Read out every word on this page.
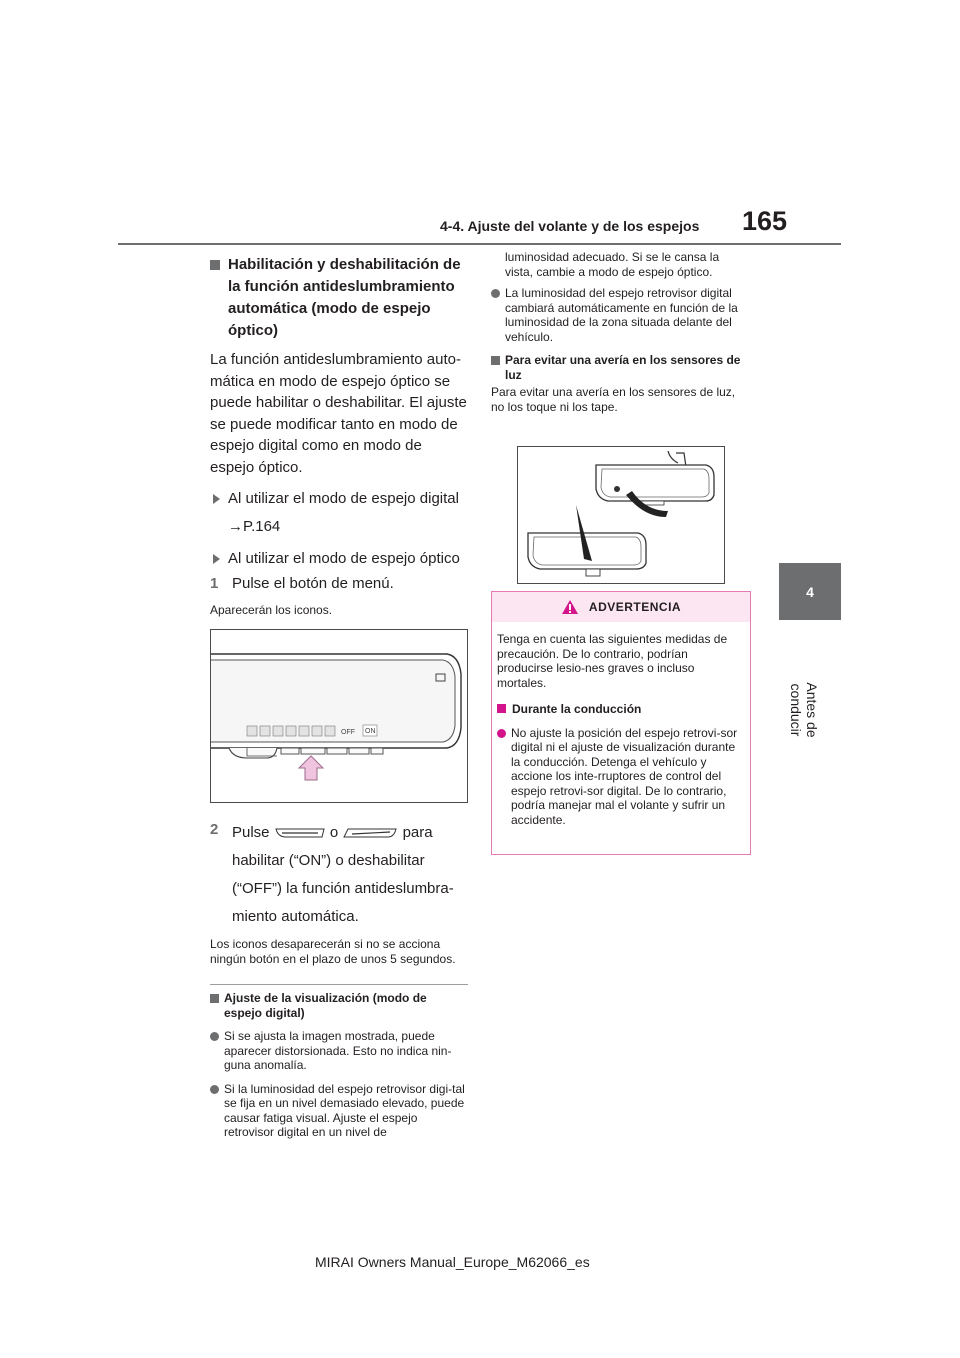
4-4. Ajuste del volante y de los espejos 165
4
Antes de conducir

Habilitación y deshabilitación de la función antideslumbramiento automática (modo de espejo óptico)

La función antideslumbramiento auto-mática en modo de espejo óptico se puede habilitar o deshabilitar. El ajuste se puede modificar tanto en modo de espejo digital como en modo de espejo óptico.

Al utilizar el modo de espejo digital
→P.164
Al utilizar el modo de espejo óptico
1 Pulse el botón de menú.

Aparecerán los iconos.

OFF ON
2 Pulse	o	para habilitar (“ON”) o deshabilitar (“OFF”) la función antideslumbra-miento automática.

Los iconos desaparecerán si no se acciona ningún botón en el plazo de unos 5 segundos.

Ajuste de la visualización (modo de espejo digital)

Si se ajusta la imagen mostrada, puede aparecer distorsionada. Esto no indica nin-guna anomalía.
Si la luminosidad del espejo retrovisor digi-tal se fija en un nivel demasiado elevado, puede causar fatiga visual. Ajuste el espejo retrovisor digital en un nivel de

luminosidad adecuado. Si se le cansa la vista, cambie a modo de espejo óptico.

La luminosidad del espejo retrovisor digital cambiará automáticamente en función de la luminosidad de la zona situada delante del vehículo.

Para evitar una avería en los sensores de luz

Para evitar una avería en los sensores de luz, no los toque ni los tape.

ADVERTENCIA

Tenga en cuenta las siguientes medidas de precaución. De lo contrario, podrían producirse lesio-nes graves o incluso mortales.

Durante la conducción

No ajuste la posición del espejo retrovi-sor digital ni el ajuste de visualización durante la conducción. Detenga el vehículo y accione los inte-rruptores de control del espejo retrovi-sor digital. De lo contrario, podría manejar mal el volante y sufrir un accidente.
MIRAI Owners Manual_Europe_M62066_es
